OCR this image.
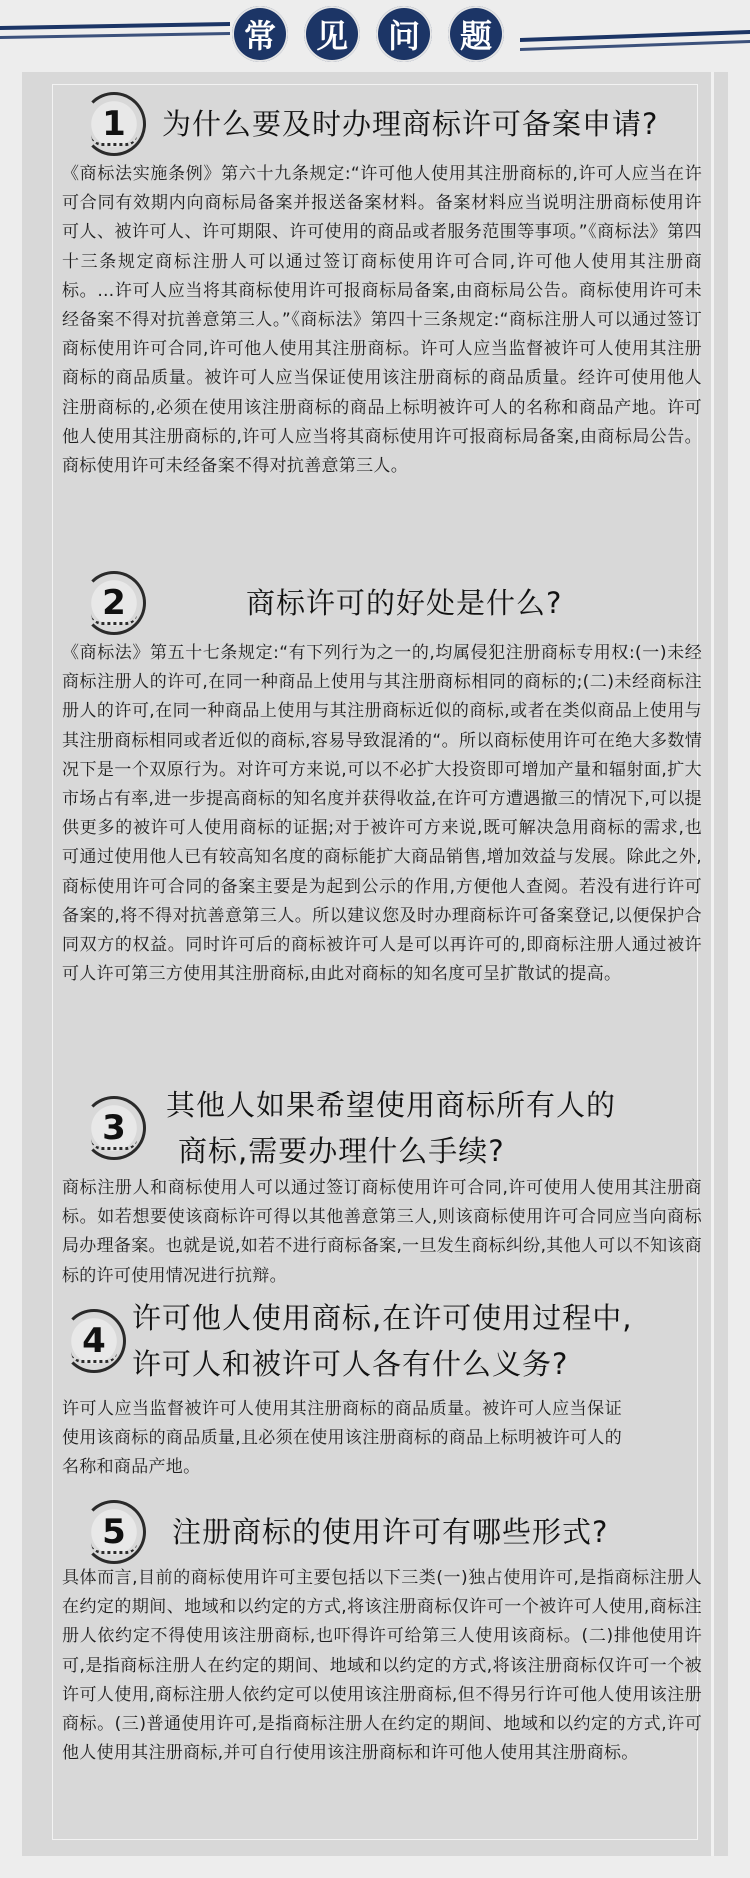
常	见	问	题
1	为什么要及时办理商标许可备案申请?

《商标法实施条例》第六十九条规定:“许可他人使用其注册商标的,许可人应当在许可合同有效期内向商标局备案并报送备案材料。备案材料应当说明注册商标使用许可人、被许可人、许可期限、许可使用的商品或者服务范围等事项。”《商标法》第四十三条规定商标注册人可以通过签订商标使用许可合同,许可他人使用其注册商标。…许可人应当将其商标使用许可报商标局备案,由商标局公告。商标使用许可未经备案不得对抗善意第三人。”《商标法》第四十三条规定:“商标注册人可以通过签订商标使用许可合同,许可他人使用其注册商标。许可人应当监督被许可人使用其注册商标的商品质量。被许可人应当保证使用该注册商标的商品质量。经许可使用他人注册商标的,必须在使用该注册商标的商品上标明被许可人的名称和商品产地。许可他人使用其注册商标的,许可人应当将其商标使用许可报商标局备案,由商标局公告。商标使用许可未经备案不得对抗善意第三人。

2	商标许可的好处是什么?

《商标法》第五十七条规定:“有下列行为之一的,均属侵犯注册商标专用权:(一)未经商标注册人的许可,在同一种商品上使用与其注册商标相同的商标的;(二)未经商标注册人的许可,在同一种商品上使用与其注册商标近似的商标,或者在类似商品上使用与其注册商标相同或者近似的商标,容易导致混淆的“。所以商标使用许可在绝大多数情况下是一个双原行为。对许可方来说,可以不必扩大投资即可增加产量和辐射面,扩大市场占有率,进一步提高商标的知名度并获得收益,在许可方遭遇撤三的情况下,可以提供更多的被许可人使用商标的证据;对于被许可方来说,既可解决急用商标的需求,也可通过使用他人已有较高知名度的商标能扩大商品销售,增加效益与发展。除此之外,商标使用许可合同的备案主要是为起到公示的作用,方便他人查阅。若没有进行许可备案的,将不得对抗善意第三人。所以建议您及时办理商标许可备案登记,以便保护合同双方的权益。同时许可后的商标被许可人是可以再许可的,即商标注册人通过被许可人许可第三方使用其注册商标,由此对商标的知名度可呈扩散试的提高。

3
其他人如果希望使用商标所有人的
商标,需要办理什么手续?

商标注册人和商标使用人可以通过签订商标使用许可合同,许可使用人使用其注册商标。如若想要使该商标许可得以其他善意第三人,则该商标使用许可合同应当向商标局办理备案。也就是说,如若不进行商标备案,一旦发生商标纠纷,其他人可以不知该商标的许可使用情况进行抗辩。

4
许可他人使用商标,在许可使用过程中,
许可人和被许可人各有什么义务?

许可人应当监督被许可人使用其注册商标的商品质量。被许可人应当保证使用该商标的商品质量,且必须在使用该注册商标的商品上标明被许可人的名称和商品产地。

5	注册商标的使用许可有哪些形式?

具体而言,目前的商标使用许可主要包括以下三类(一)独占使用许可,是指商标注册人在约定的期间、地域和以约定的方式,将该注册商标仅许可一个被许可人使用,商标注册人依约定不得使用该注册商标,也吓得许可给第三人使用该商标。(二)排他使用许可,是指商标注册人在约定的期间、地域和以约定的方式,将该注册商标仅许可一个被许可人使用,商标注册人依约定可以使用该注册商标,但不得另行许可他人使用该注册商标。(三)普通使用许可,是指商标注册人在约定的期间、地域和以约定的方式,许可他人使用其注册商标,并可自行使用该注册商标和许可他人使用其注册商标。
